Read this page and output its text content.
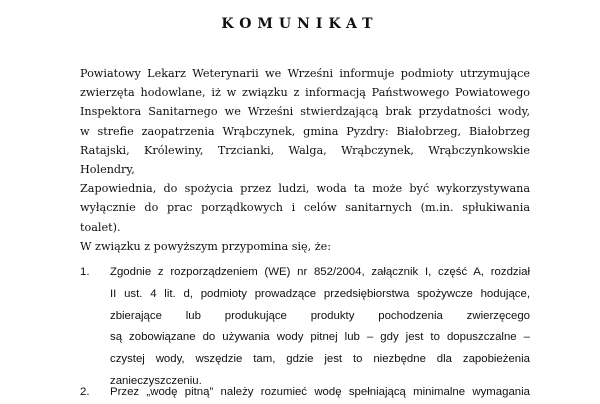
KOMUNIKAT
Powiatowy Lekarz Weterynarii we Wrześni informuje podmioty utrzymujące
zwierzęta hodowlane, iż w związku z informacją Państwowego Powiatowego
Inspektora Sanitarnego we Wrześni stwierdzającą brak przydatności wody,
w strefie zaopatrzenia Wrąbczynek, gmina Pyzdry: Białobrzeg, Białobrzeg
Ratajski, Królewiny, Trzcianki, Walga, Wrąbczynek, Wrąbczynkowskie Holendry,
Zapowiednia, do spożycia przez ludzi, woda ta może być wykorzystywana
wyłącznie do prac porządkowych i celów sanitarnych (m.in. spłukiwania toalet).
W związku z powyższym przypomina się, że:
1. Zgodnie z rozporządzeniem (WE) nr 852/2004, załącznik I, część A, rozdział
II ust. 4 lit. d, podmioty prowadzące przedsiębiorstwa spożywcze hodujące,
zbierające lub produkujące produkty pochodzenia zwierzęcego
są zobowiązane do używania wody pitnej lub – gdy jest to dopuszczalne –
czystej wody, wszędzie tam, gdzie jest to niezbędne dla zapobieżenia
zanieczyszczeniu.
2. Przez „wodę pitną” należy rozumieć wodę spełniającą minimalne wymagania
